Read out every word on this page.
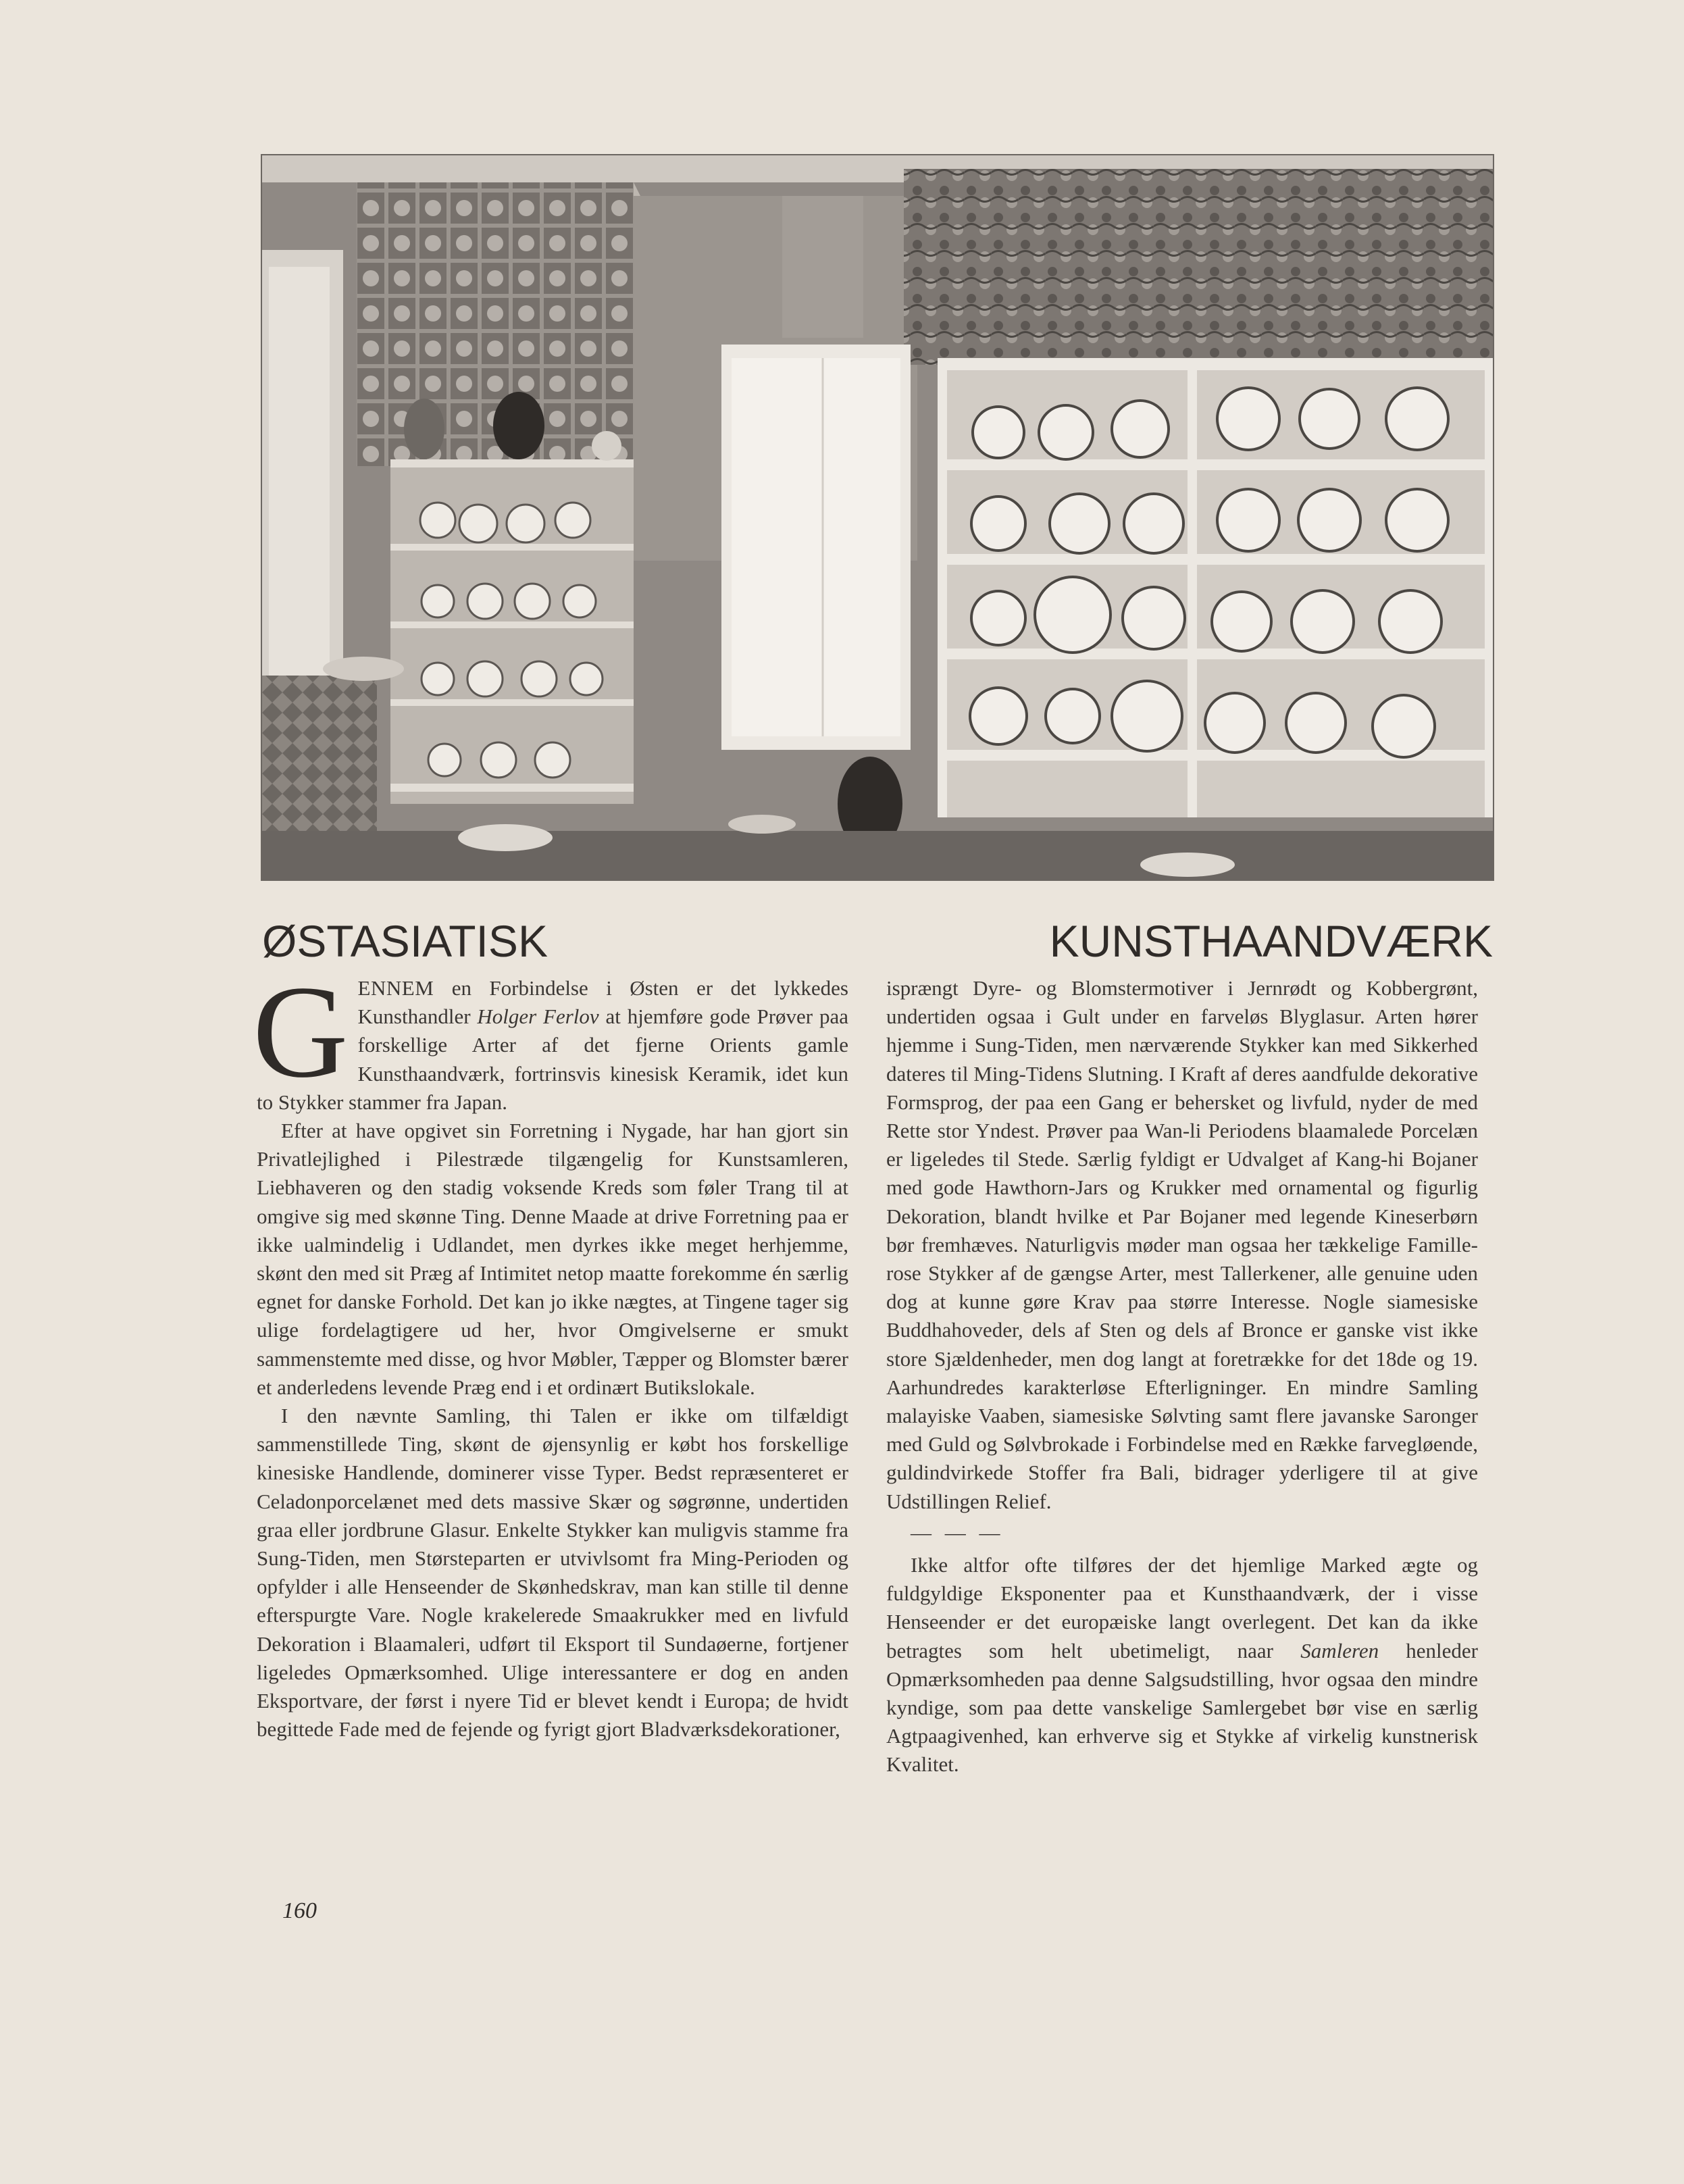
ØSTASIATISK  KUNSTHAANDVÆRK

GENNEM en Forbindelse i Østen er det lykkedes Kunsthandler Holger Ferlov at hjemføre gode Prøver paa forskellige Arter af det fjerne Orients gamle Kunsthaandværk, fortrinsvis kinesisk Keramik, idet kun to Stykker stammer fra Japan.

Efter at have opgivet sin Forretning i Nygade, har han gjort sin Privatlejlighed i Pilestræde tilgængelig for Kunstsamleren, Liebhaveren og den stadig voksende Kreds som føler Trang til at omgive sig med skønne Ting. Denne Maade at drive Forretning paa er ikke ualmindelig i Udlandet, men dyrkes ikke meget herhjemme, skønt den med sit Præg af Intimitet netop maatte forekomme én særlig egnet for danske Forhold. Det kan jo ikke nægtes, at Tingene tager sig ulige fordelagtigere ud her, hvor Omgivelserne er smukt sammenstemte med disse, og hvor Møbler, Tæpper og Blomster bærer et anderledens levende Præg end i et ordinært Butikslokale.

I den nævnte Samling, thi Talen er ikke om tilfældigt sammenstillede Ting, skønt de øjensynlig er købt hos forskellige kinesiske Handlende, dominerer visse Typer. Bedst repræsenteret er Celadonporcelænet med dets massive Skær og søgrønne, undertiden graa eller jordbrune Glasur. Enkelte Stykker kan muligvis stamme fra Sung-Tiden, men Størsteparten er utvivlsomt fra Ming-Perioden og opfylder i alle Henseender de Skønhedskrav, man kan stille til denne efterspurgte Vare. Nogle krakelerede Smaakrukker med en livfuld Dekoration i Blaamaleri, udført til Eksport til Sundaøerne, fortjener ligeledes Opmærksomhed. Ulige interessantere er dog en anden Eksportvare, der først i nyere Tid er blevet kendt i Europa; de hvidt begittede Fade med de fejende og fyrigt gjort Bladværksdekorationer,

isprængt Dyre- og Blomstermotiver i Jernrødt og Kobbergrønt, undertiden ogsaa i Gult under en farveløs Blyglasur. Arten hører hjemme i Sung-Tiden, men nærværende Stykker kan med Sikkerhed dateres til Ming-Tidens Slutning. I Kraft af deres aandfulde dekorative Formsprog, der paa een Gang er behersket og livfuld, nyder de med Rette stor Yndest. Prøver paa Wan-li Periodens blaamalede Porcelæn er ligeledes til Stede. Særlig fyldigt er Udvalget af Kang-hi Bojaner med gode Hawthorn-Jars og Krukker med ornamental og figurlig Dekoration, blandt hvilke et Par Bojaner med legende Kineserbørn bør fremhæves. Naturligvis møder man ogsaa her tækkelige Famille-rose Stykker af de gængse Arter, mest Tallerkener, alle genuine uden dog at kunne gøre Krav paa større Interesse. Nogle siamesiske Buddhahoveder, dels af Sten og dels af Bronce er ganske vist ikke store Sjældenheder, men dog langt at foretrække for det 18de og 19. Aarhundredes karakterløse Efterligninger. En mindre Samling malayiske Vaaben, siamesiske Sølvting samt flere javanske Saronger med Guld og Sølvbrokade i Forbindelse med en Række farvegløende, guldindvirkede Stoffer fra Bali, bidrager yderligere til at give Udstillingen Relief.

— — —

Ikke altfor ofte tilføres der det hjemlige Marked ægte og fuldgyldige Eksponenter paa et Kunsthaandværk, der i visse Henseender er det europæiske langt overlegent. Det kan da ikke betragtes som helt ubetimeligt, naar Samleren henleder Opmærksomheden paa denne Salgsudstilling, hvor ogsaa den mindre kyndige, som paa dette vanskelige Samlergebet bør vise en særlig Agtpaagivenhed, kan erhverve sig et Stykke af virkelig kunstnerisk Kvalitet.

160
